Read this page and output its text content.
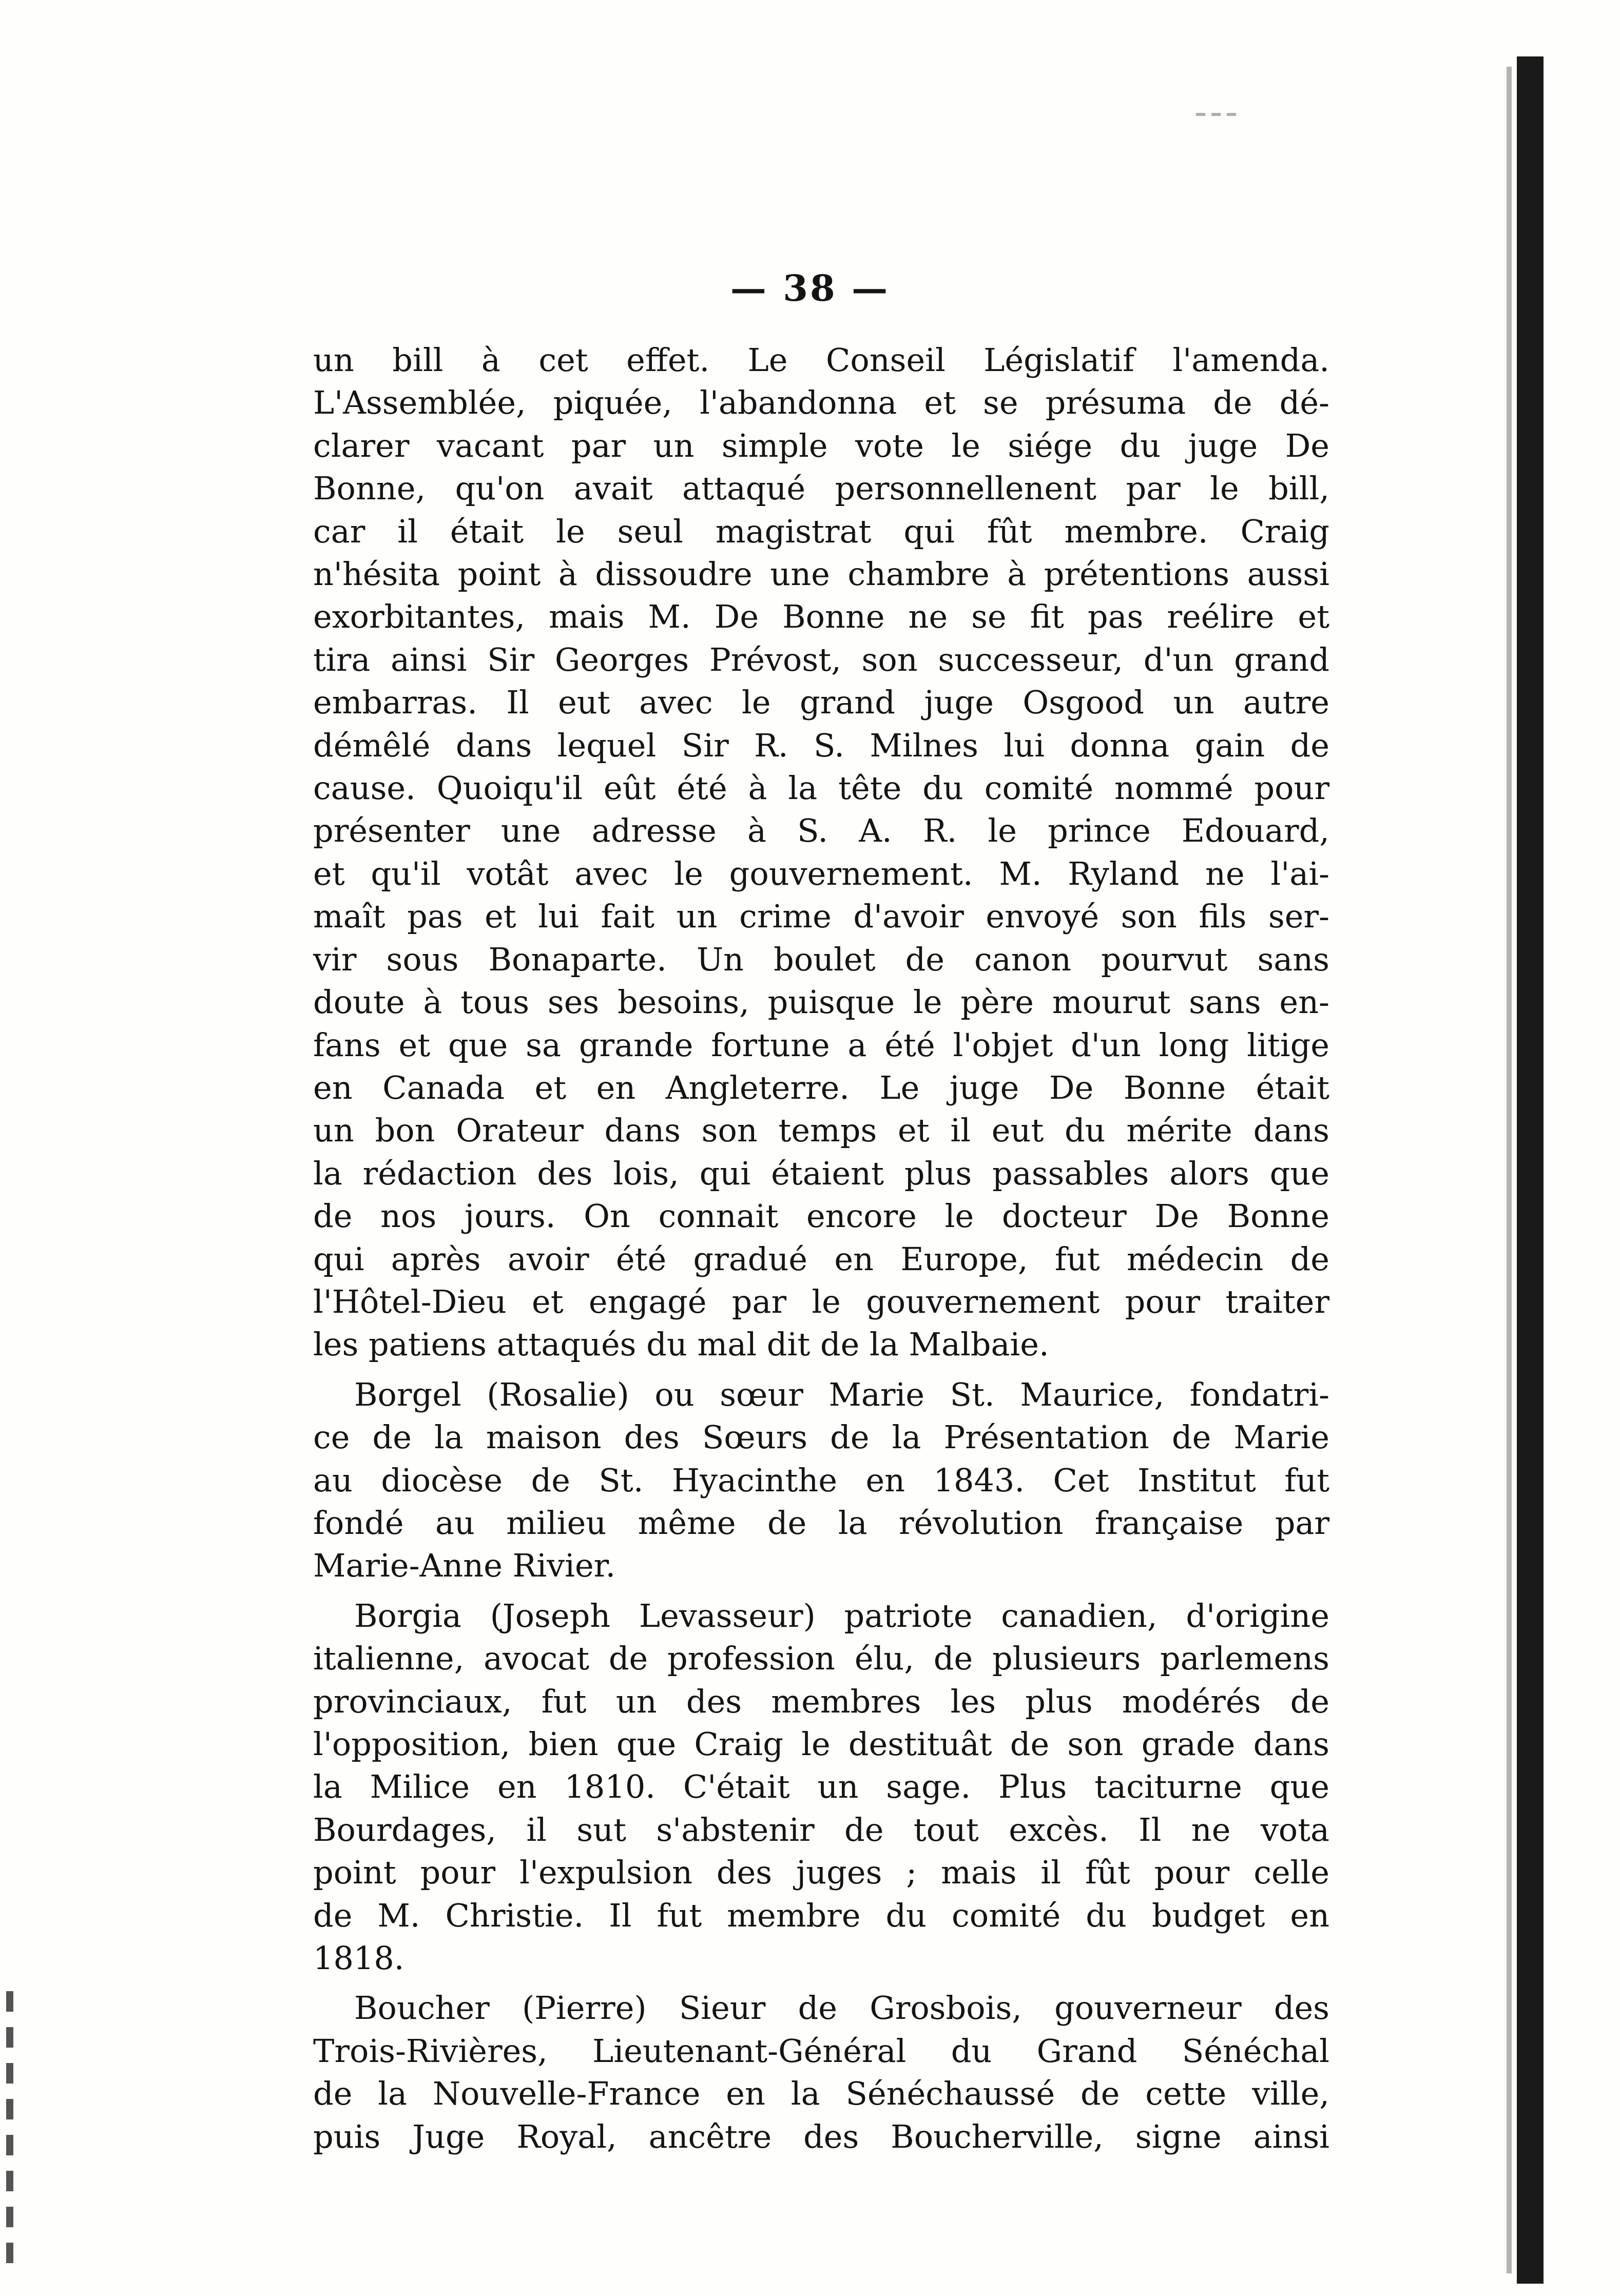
— 38 —
un bill à cet effet. Le Conseil Législatif l'amenda.
L'Assemblée, piquée, l'abandonna et se présuma de dé-
clarer vacant par un simple vote le siége du juge De
Bonne, qu'on avait attaqué personnellenent par le bill,
car il était le seul magistrat qui fût membre. Craig
n'hésita point à dissoudre une chambre à prétentions aussi
exorbitantes, mais M. De Bonne ne se fit pas reélire et
tira ainsi Sir Georges Prévost, son successeur, d'un grand
embarras. Il eut avec le grand juge Osgood un autre
démêlé dans lequel Sir R. S. Milnes lui donna gain de
cause. Quoiqu'il eût été à la tête du comité nommé pour
présenter une adresse à S. A. R. le prince Edouard,
et qu'il votât avec le gouvernement. M. Ryland ne l'ai-
maît pas et lui fait un crime d'avoir envoyé son fils ser-
vir sous Bonaparte. Un boulet de canon pourvut sans
doute à tous ses besoins, puisque le père mourut sans en-
fans et que sa grande fortune a été l'objet d'un long litige
en Canada et en Angleterre. Le juge De Bonne était
un bon Orateur dans son temps et il eut du mérite dans
la rédaction des lois, qui étaient plus passables alors que
de nos jours. On connait encore le docteur De Bonne
qui après avoir été gradué en Europe, fut médecin de
l'Hôtel-Dieu et engagé par le gouvernement pour traiter
les patiens attaqués du mal dit de la Malbaie.
Borgel (Rosalie) ou sœur Marie St. Maurice, fondatri-
ce de la maison des Sœurs de la Présentation de Marie
au diocèse de St. Hyacinthe en 1843. Cet Institut fut
fondé au milieu même de la révolution française par
Marie-Anne Rivier.
Borgia (Joseph Levasseur) patriote canadien, d'origine
italienne, avocat de profession élu, de plusieurs parlemens
provinciaux, fut un des membres les plus modérés de
l'opposition, bien que Craig le destituât de son grade dans
la Milice en 1810. C'était un sage. Plus taciturne que
Bourdages, il sut s'abstenir de tout excès. Il ne vota
point pour l'expulsion des juges ; mais il fût pour celle
de M. Christie. Il fut membre du comité du budget en
1818.
Boucher (Pierre) Sieur de Grosbois, gouverneur des
Trois-Rivières, Lieutenant-Général du Grand Sénéchal
de la Nouvelle-France en la Sénéchaussé de cette ville,
puis Juge Royal, ancêtre des Boucherville, signe ainsi
